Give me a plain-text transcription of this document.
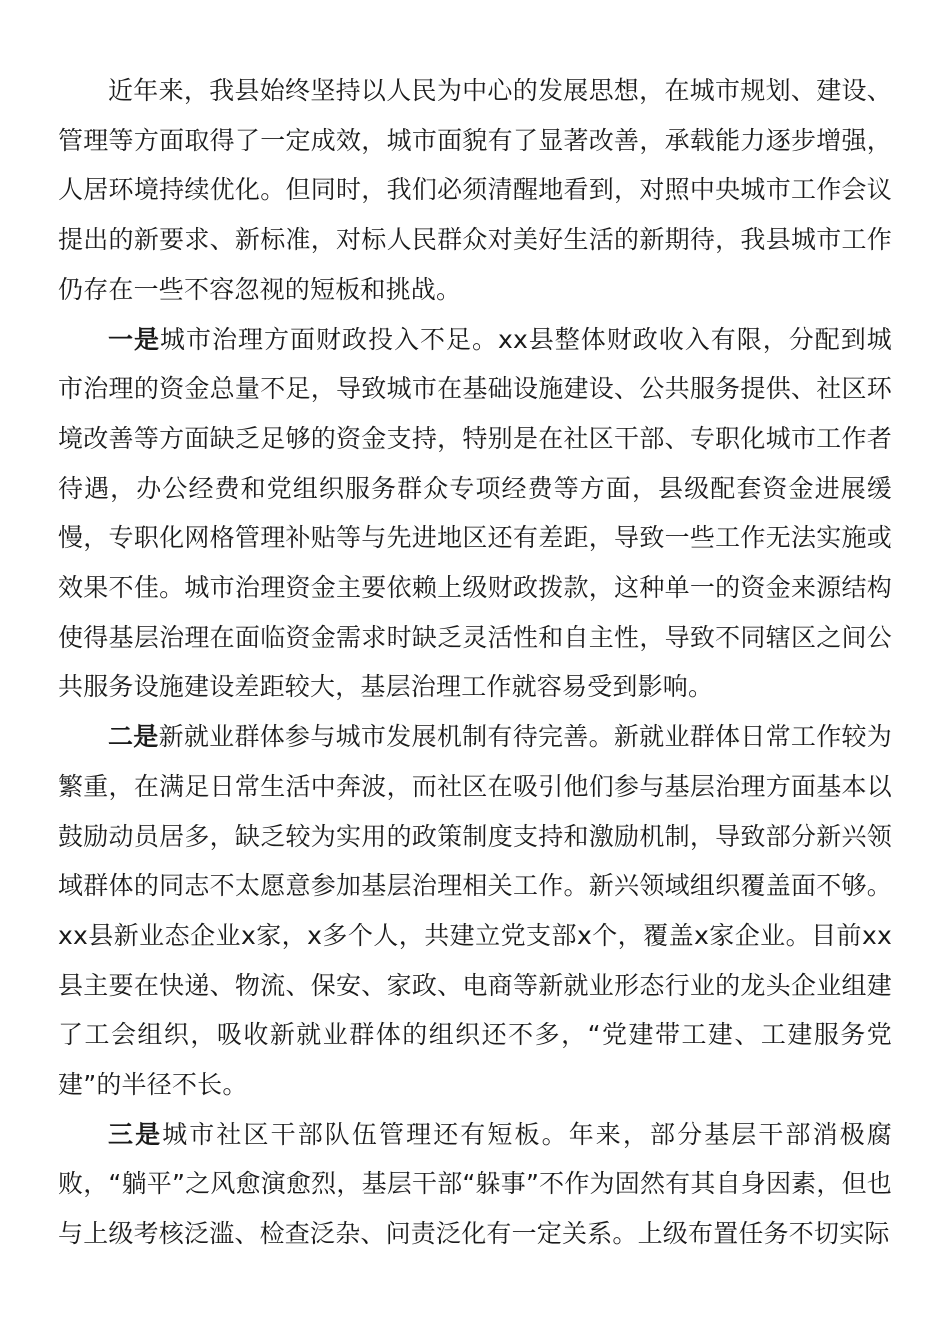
近年来，我县始终坚持以人民为中心的发展思想，在城市规划、建设、管理等方面取得了一定成效，城市面貌有了显著改善，承载能力逐步增强，人居环境持续优化。但同时，我们必须清醒地看到，对照中央城市工作会议提出的新要求、新标准，对标人民群众对美好生活的新期待，我县城市工作仍存在一些不容忽视的短板和挑战。

一是城市治理方面财政投入不足。xx县整体财政收入有限，分配到城市治理的资金总量不足，导致城市在基础设施建设、公共服务提供、社区环境改善等方面缺乏足够的资金支持，特别是在社区干部、专职化城市工作者待遇，办公经费和党组织服务群众专项经费等方面，县级配套资金进展缓慢，专职化网格管理补贴等与先进地区还有差距，导致一些工作无法实施或效果不佳。城市治理资金主要依赖上级财政拨款，这种单一的资金来源结构使得基层治理在面临资金需求时缺乏灵活性和自主性，导致不同辖区之间公共服务设施建设差距较大，基层治理工作就容易受到影响。

二是新就业群体参与城市发展机制有待完善。新就业群体日常工作较为繁重，在满足日常生活中奔波，而社区在吸引他们参与基层治理方面基本以鼓励动员居多，缺乏较为实用的政策制度支持和激励机制，导致部分新兴领域群体的同志不太愿意参加基层治理相关工作。新兴领域组织覆盖面不够。xx县新业态企业x家，x多个人，共建立党支部x个，覆盖x家企业。目前xx县主要在快递、物流、保安、家政、电商等新就业形态行业的龙头企业组建了工会组织，吸收新就业群体的组织还不多，“党建带工建、工建服务党建”的半径不长。

三是城市社区干部队伍管理还有短板。年来，部分基层干部消极腐败，“躺平”之风愈演愈烈，基层干部“躲事”不作为固然有其自身因素，但也与上级考核泛滥、检查泛杂、问责泛化有一定关系。上级布置任务不切实际
